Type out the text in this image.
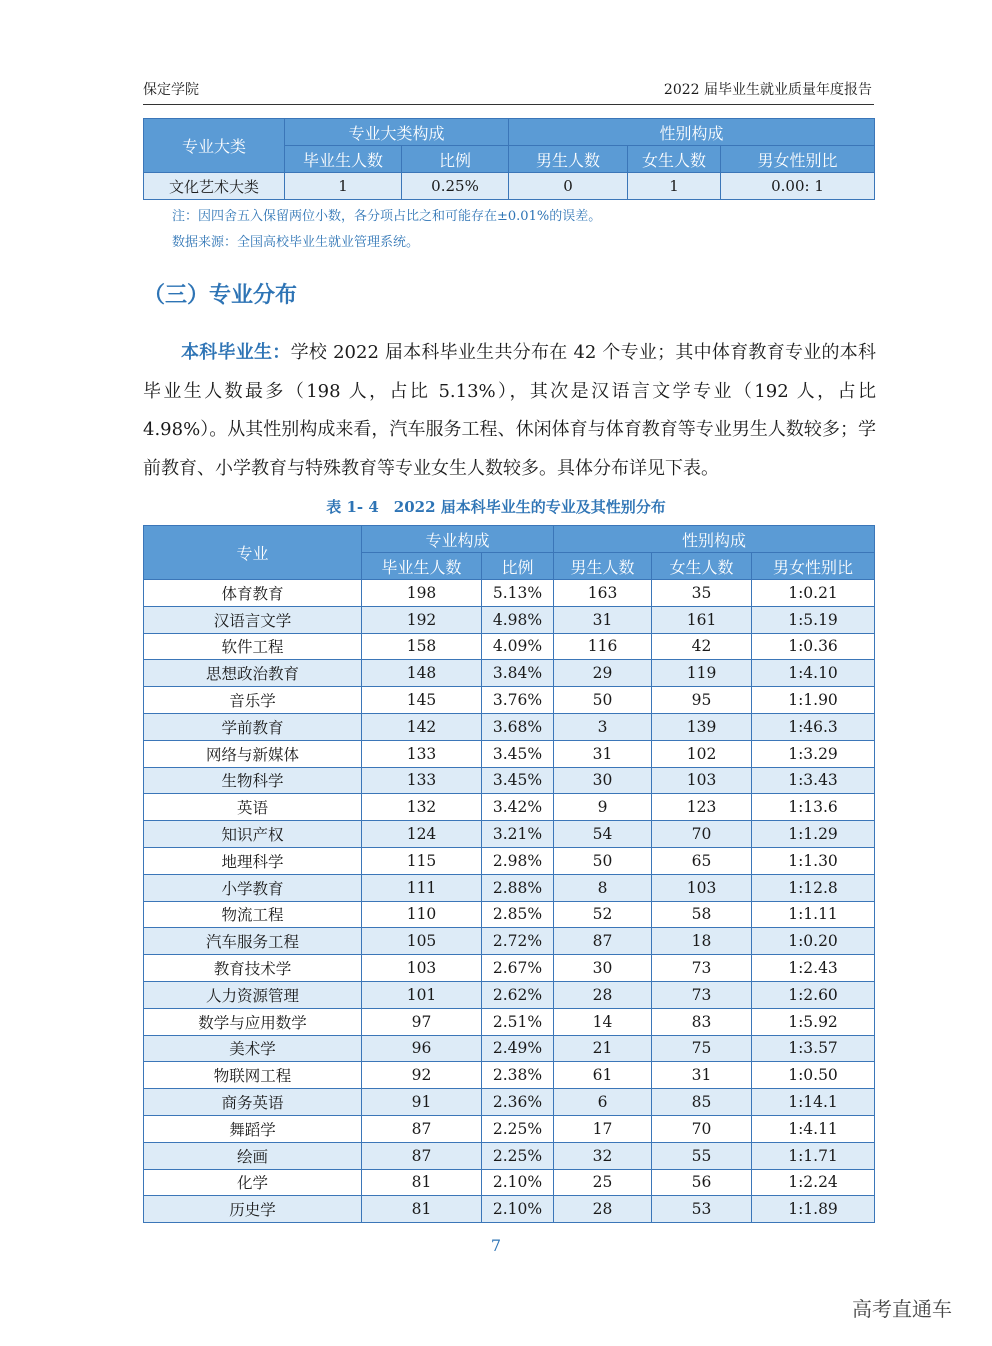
保定学院	2022 届毕业生就业质量年度报告
专业大类	专业大类构成		性别构成		
	毕业生人数	比例	男生人数	女生人数	男女性别比
文化艺术大类	1	0.25%	0	1	0.00: 1
注：因四舍五入保留两位小数，各分项占比之和可能存在±0.01%的误差。
数据来源：全国高校毕业生就业管理系统。
（三）专业分布
本科毕业生：学校 2022 届本科毕业生共分布在 42 个专业；其中体育教育专业的本科毕业生人数最多（198 人，占比 5.13%），其次是汉语言文学专业（192 人，占比 4.98%）。从其性别构成来看，汽车服务工程、休闲体育与体育教育等专业男生人数较多；学前教育、小学教育与特殊教育等专业女生人数较多。具体分布详见下表。
表 1- 4　2022 届本科毕业生的专业及其性别分布
专业	专业构成		性别构成		
	毕业生人数	比例	男生人数	女生人数	男女性别比
体育教育	198	5.13%	163	35	1:0.21
汉语言文学	192	4.98%	31	161	1:5.19
软件工程	158	4.09%	116	42	1:0.36
思想政治教育	148	3.84%	29	119	1:4.10
音乐学	145	3.76%	50	95	1:1.90
学前教育	142	3.68%	3	139	1:46.3
网络与新媒体	133	3.45%	31	102	1:3.29
生物科学	133	3.45%	30	103	1:3.43
英语	132	3.42%	9	123	1:13.6
知识产权	124	3.21%	54	70	1:1.29
地理科学	115	2.98%	50	65	1:1.30
小学教育	111	2.88%	8	103	1:12.8
物流工程	110	2.85%	52	58	1:1.11
汽车服务工程	105	2.72%	87	18	1:0.20
教育技术学	103	2.67%	30	73	1:2.43
人力资源管理	101	2.62%	28	73	1:2.60
数学与应用数学	97	2.51%	14	83	1:5.92
美术学	96	2.49%	21	75	1:3.57
物联网工程	92	2.38%	61	31	1:0.50
商务英语	91	2.36%	6	85	1:14.1
舞蹈学	87	2.25%	17	70	1:4.11
绘画	87	2.25%	32	55	1:1.71
化学	81	2.10%	25	56	1:2.24
历史学	81	2.10%	28	53	1:1.89
7
高考直通车
